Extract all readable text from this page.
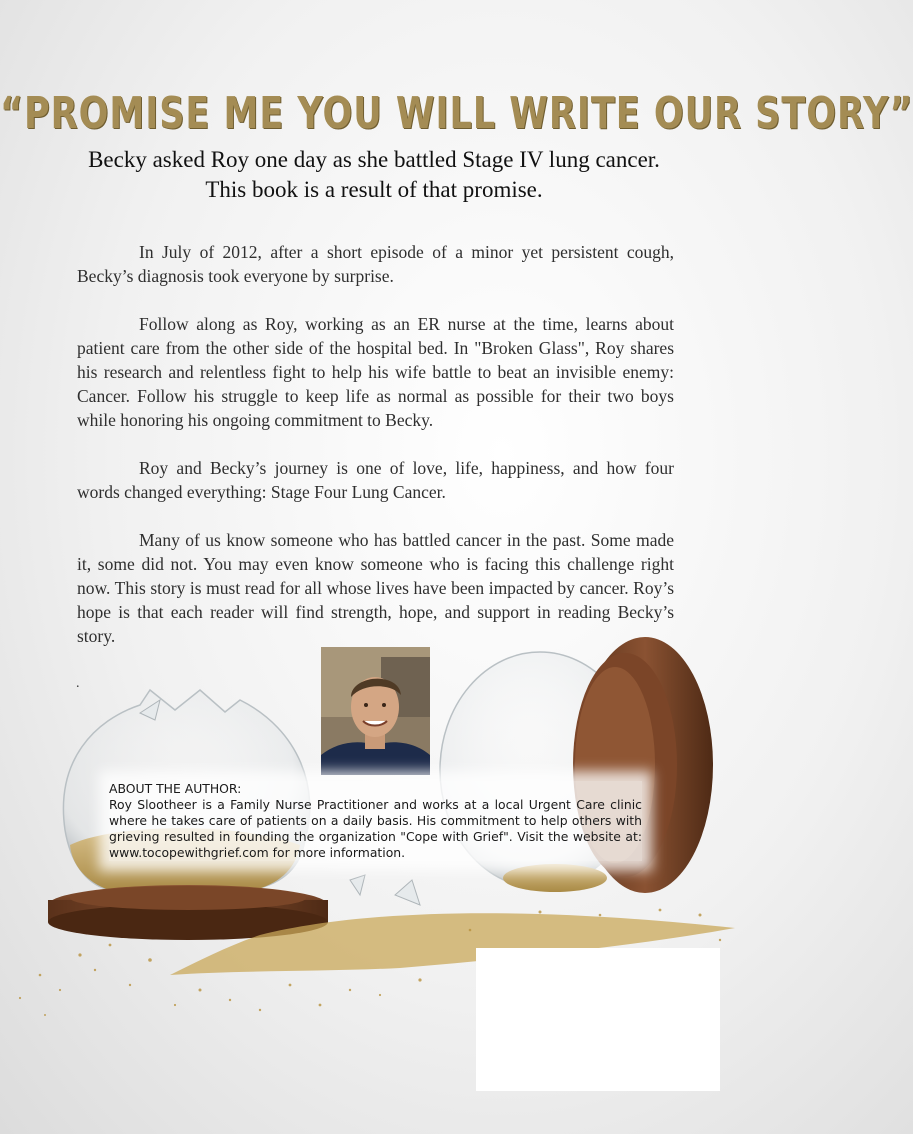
“PROMISE ME YOU WILL WRITE OUR STORY”
Becky asked Roy one day as she battled Stage IV lung cancer.
This book is a result of that promise.

In July of 2012, after a short episode of a minor yet persistent cough, Becky’s diagnosis took everyone by surprise.

Follow along as Roy, working as an ER nurse at the time, learns about patient care from the other side of the hospital bed. In "Broken Glass", Roy shares his research and relentless fight to help his wife battle to beat an invisible enemy: Cancer. Follow his struggle to keep life as normal as possible for their two boys while honoring his ongoing commitment to Becky.

Roy and Becky’s journey is one of love, life, happiness, and how four words changed everything: Stage Four Lung Cancer.

Many of us know someone who has battled cancer in the past. Some made it, some did not. You may even know someone who is facing this challenge right now. This story is must read for all whose lives have been impacted by cancer. Roy’s hope is that each reader will find strength, hope, and support in reading Becky’s story.

.
ABOUT THE AUTHOR:
Roy Slootheer is a Family Nurse Practitioner and works at a local Urgent Care clinic where he takes care of patients on a daily basis. His commitment to help others with grieving resulted in founding the organization "Cope with Grief". Visit the website at: www.tocopewithgrief.com for more information.
